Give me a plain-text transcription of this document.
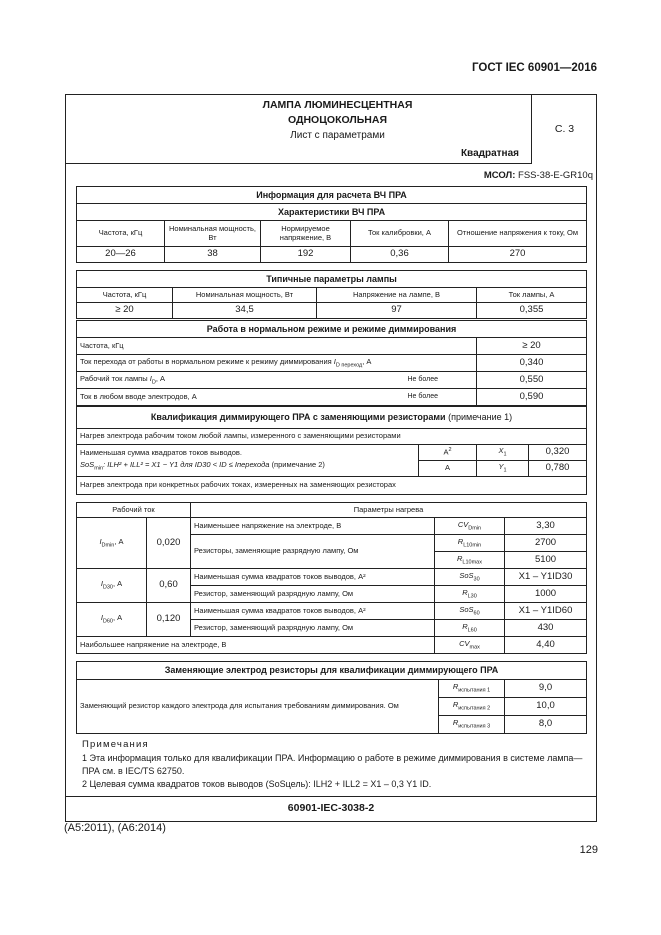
ГОСТ IEC 60901—2016
ЛАМПА ЛЮМИНЕСЦЕНТНАЯ
ОДНОЦОКОЛЬНАЯ
Лист с параметрами
Квадратная
С. 3
МСОЛ: FSS-38-E-GR10q
Информация для расчета ВЧ ПРА				
Характеристики ВЧ ПРА				
Частота, кГц	Номинальная мощность, Вт	Нормируемое напряжение, В	Ток калибровки, А	Отношение напряжения к току, Ом
20—26	38	192	0,36	270
Типичные параметры лампы			
Частота, кГц	Номинальная мощность, Вт	Напряжение на лампе, В	Ток лампы, А
≥ 20	34,5	97	0,355
Работа в нормальном режиме и режиме диммирования		
Частота, кГц		≥ 20
Ток перехода от работы в нормальном режиме к режиму диммирования $I_{D переход}$, А		0,340
Рабочий ток лампы $I_D$, А	Не более	0,550
Ток в любом вводе электродов, А	Не более	0,590
Квалификация диммирующего ПРА с заменяющими резисторами (примечание 1)			
Нагрев электрода рабочим током любой лампы, измеренного с заменяющими резисторами			

Наименьшая сумма квадратов токов выводов.
SoS$_{min}$: ILH² + ILL² = X1 − Y1 для ID30 < ID ≤ Iперехода (примечание 2)	$А^2$	$X_1$	0,320
	А	$Y_1$	0,780
Нагрев электрода при конкретных рабочих токах, измеренных на заменяющих резисторах			
Рабочий ток		Параметры нагрева		
$I_{Dmin}$, А	0,020	Наименьшее напряжение на электроде, В	$CV_{Dmin}$	3,30
		Резисторы, заменяющие разрядную лампу, Ом	$R_{L10min}$	2700
			$R_{L10max}$	5100
$I_{D30}$, А	0,60	Наименьшая сумма квадратов токов выводов, А²	SoS$_{30}$	X1 – Y1ID30
		Резистор, заменяющий разрядную лампу, Ом	$R_{L30}$	1000
$I_{D60}$, А	0,120	Наименьшая сумма квадратов токов выводов, А²	SoS$_{60}$	X1 – Y1ID60
		Резистор, заменяющий разрядную лампу, Ом	$R_{L60}$	430
Наибольшее напряжение на электроде, В			$CV_{max}$	4,40
Заменяющие электрод резисторы для квалификации диммирующего ПРА		
Заменяющий резистор каждого электрода для испытания требованиям диммирования. Ом	$R_{испытания 1}$	9,0
	$R_{испытания 2}$	10,0
	$R_{испытания 3}$	8,0
Примечания
1 Эта информация только для квалификации ПРА. Информацию о работе в режиме диммирования в системе лампа—ПРА см. в IEC/TS 62750.
2 Целевая сумма квадратов токов выводов (SoSцель): ILH2 + ILL2 = X1 – 0,3 Y1 ID.
60901-IEC-3038-2
(А5:2011), (А6:2014)
129
